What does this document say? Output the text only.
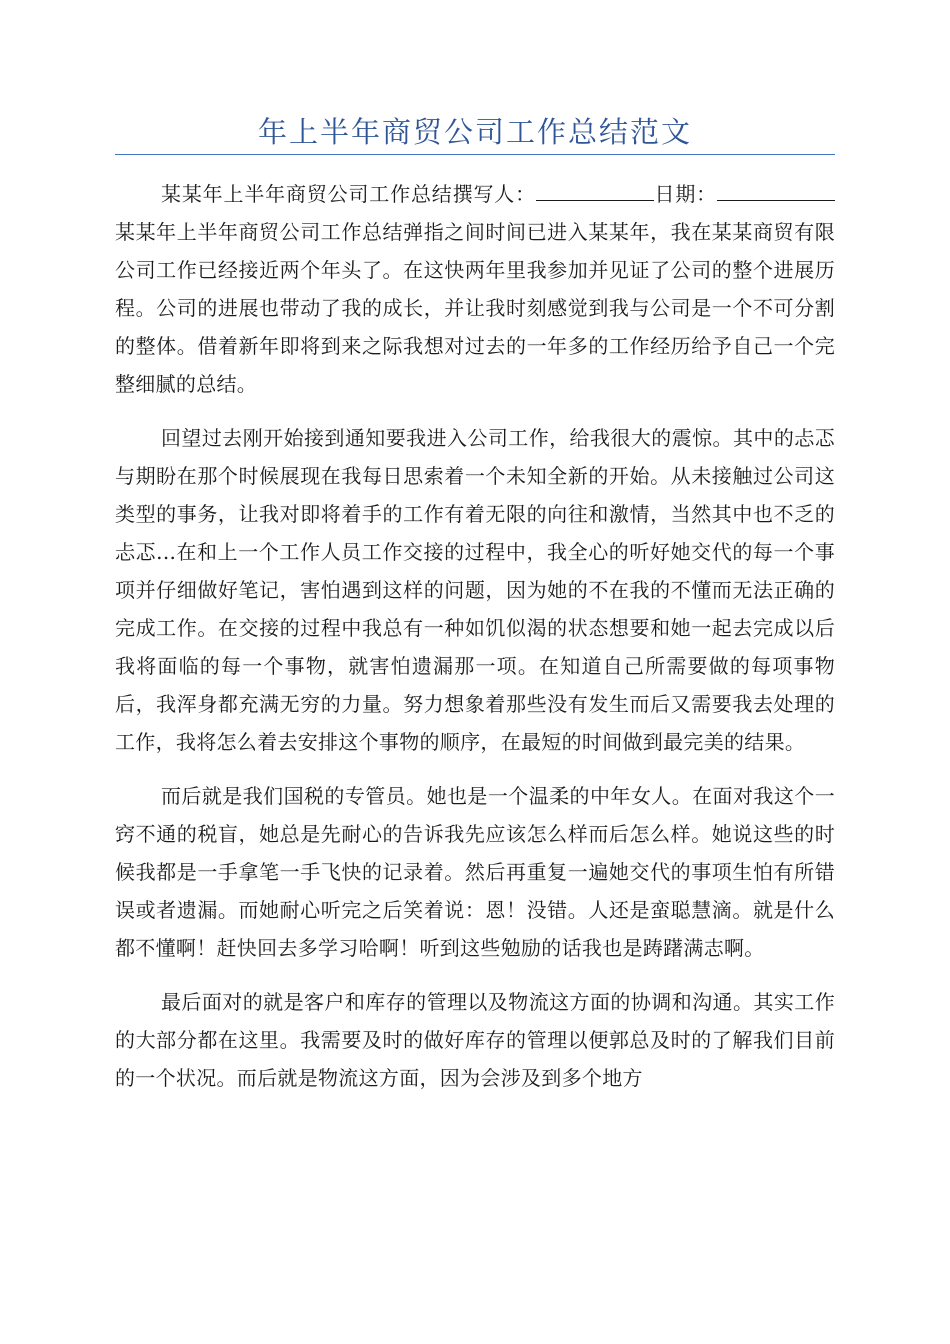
年上半年商贸公司工作总结范文

某某年上半年商贸公司工作总结撰写人：	日期：某某年上半年商贸公司工作总结弹指之间时间已进入某某年，我在某某商贸有限公司工作已经接近两个年头了。在这快两年里我参加并见证了公司的整个进展历程。公司的进展也带动了我的成长，并让我时刻感觉到我与公司是一个不可分割的整体。借着新年即将到来之际我想对过去的一年多的工作经历给予自己一个完整细腻的总结。

回望过去刚开始接到通知要我进入公司工作，给我很大的震惊。其中的忐忑与期盼在那个时候展现在我每日思索着一个未知全新的开始。从未接触过公司这类型的事务，让我对即将着手的工作有着无限的向往和激情，当然其中也不乏的忐忑...在和上一个工作人员工作交接的过程中，我全心的听好她交代的每一个事项并仔细做好笔记，害怕遇到这样的问题，因为她的不在我的不懂而无法正确的完成工作。在交接的过程中我总有一种如饥似渴的状态想要和她一起去完成以后我将面临的每一个事物，就害怕遗漏那一项。在知道自己所需要做的每项事物后，我浑身都充满无穷的力量。努力想象着那些没有发生而后又需要我去处理的工作，我将怎么着去安排这个事物的顺序，在最短的时间做到最完美的结果。

而后就是我们国税的专管员。她也是一个温柔的中年女人。在面对我这个一窍不通的税盲，她总是先耐心的告诉我先应该怎么样而后怎么样。她说这些的时候我都是一手拿笔一手飞快的记录着。然后再重复一遍她交代的事项生怕有所错误或者遗漏。而她耐心听完之后笑着说：恩！没错。人还是蛮聪慧滴。就是什么都不懂啊！赶快回去多学习哈啊！听到这些勉励的话我也是踌躇满志啊。

最后面对的就是客户和库存的管理以及物流这方面的协调和沟通。其实工作的大部分都在这里。我需要及时的做好库存的管理以便郭总及时的了解我们目前的一个状况。而后就是物流这方面，因为会涉及到多个地方
